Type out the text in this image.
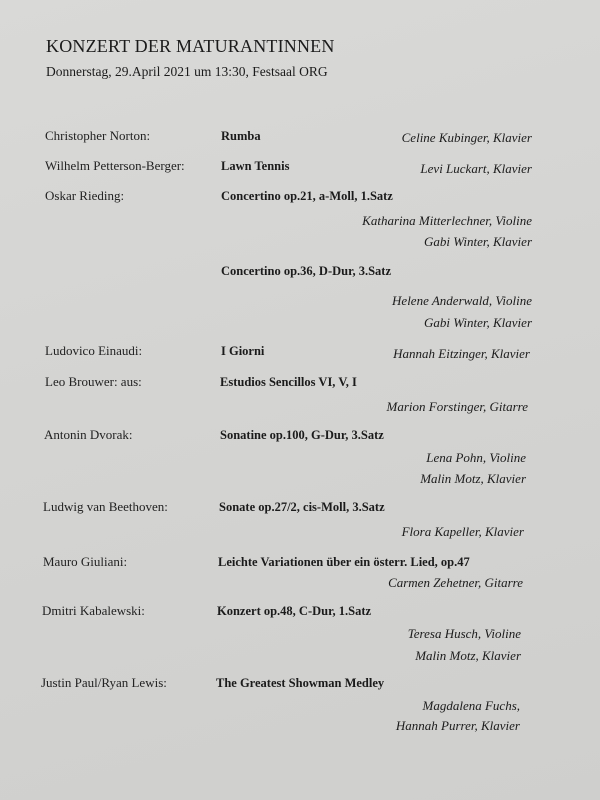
KONZERT DER MATURANTINNEN
Donnerstag, 29.April 2021 um 13:30, Festsaal ORG
Christopher Norton:	Rumba	Celine Kubinger, Klavier
Wilhelm Petterson-Berger:	Lawn Tennis	Levi Luckart, Klavier
Oskar Rieding:	Concertino op.21, a-Moll, 1.Satz
Katharina Mitterlechner, Violine
Gabi Winter, Klavier
Concertino op.36, D-Dur, 3.Satz
Helene Anderwald, Violine
Gabi Winter, Klavier
Ludovico Einaudi:	I Giorni	Hannah Eitzinger, Klavier
Leo Brouwer: aus:	Estudios Sencillos VI, V, I
Marion Forstinger, Gitarre
Antonin Dvorak:	Sonatine op.100, G-Dur, 3.Satz
Lena Pohn, Violine
Malin Motz, Klavier
Ludwig van Beethoven:	Sonate op.27/2, cis-Moll, 3.Satz
Flora Kapeller, Klavier
Mauro Giuliani:	Leichte Variationen über ein österr. Lied, op.47
Carmen Zehetner, Gitarre
Dmitri Kabalewski:	Konzert op.48, C-Dur, 1.Satz
Teresa Husch, Violine
Malin Motz, Klavier
Justin Paul/Ryan Lewis:	The Greatest Showman Medley
Magdalena Fuchs,
Hannah Purrer, Klavier
